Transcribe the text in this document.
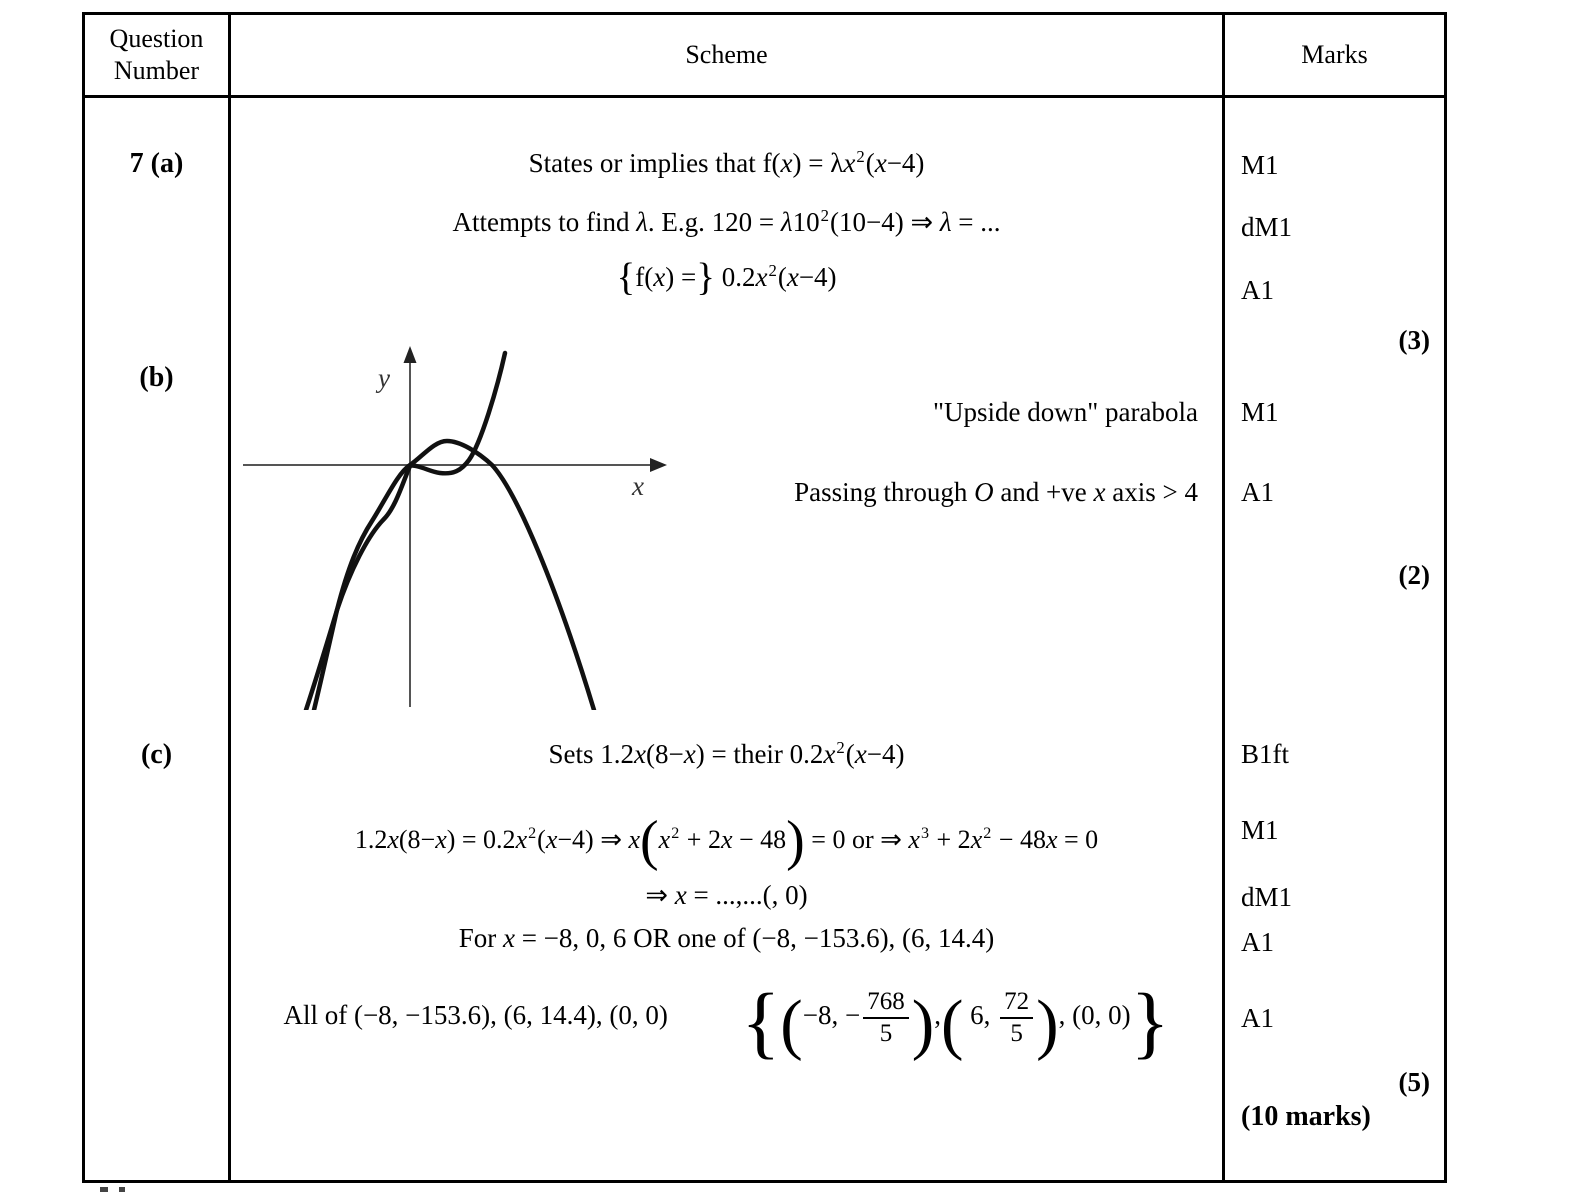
Question Number
Scheme	Marks
7 (a)
(b)
(c)
States or implies that $f(x) = \lambda x^2(x-4)$
Attempts to find λ. E.g. $120 = \lambda 10^2(10-4)$ ⇒ λ = ...
{f(x) =} $0.2x^2(x-4)$
y
x
"Upside down" parabola
Passing through O and +ve x axis > 4
Sets 1.2x(8−x) = their $0.2x^2(x-4)$
$1.2x(8-x) = 0.2x^2(x-4)$ ⇒ $x(x^2 + 2x - 48) = 0$ or ⇒ $x^3 + 2x^2 - 48x = 0$
⇒ x = ...,...(, 0)
For x = −8, 0, 6 OR one of (−8, −153.6), (6, 14.4)
All of (−8, −153.6), (6, 14.4), (0, 0) {(−8, − $\frac{768}{5}$ ),( 6, $\frac{72}{5}$ ), (0, 0)}
M1
dM1
A1
(3)
M1
A1
(2)
B1ft
M1
dM1
A1
A1
(5)
(10 marks)
